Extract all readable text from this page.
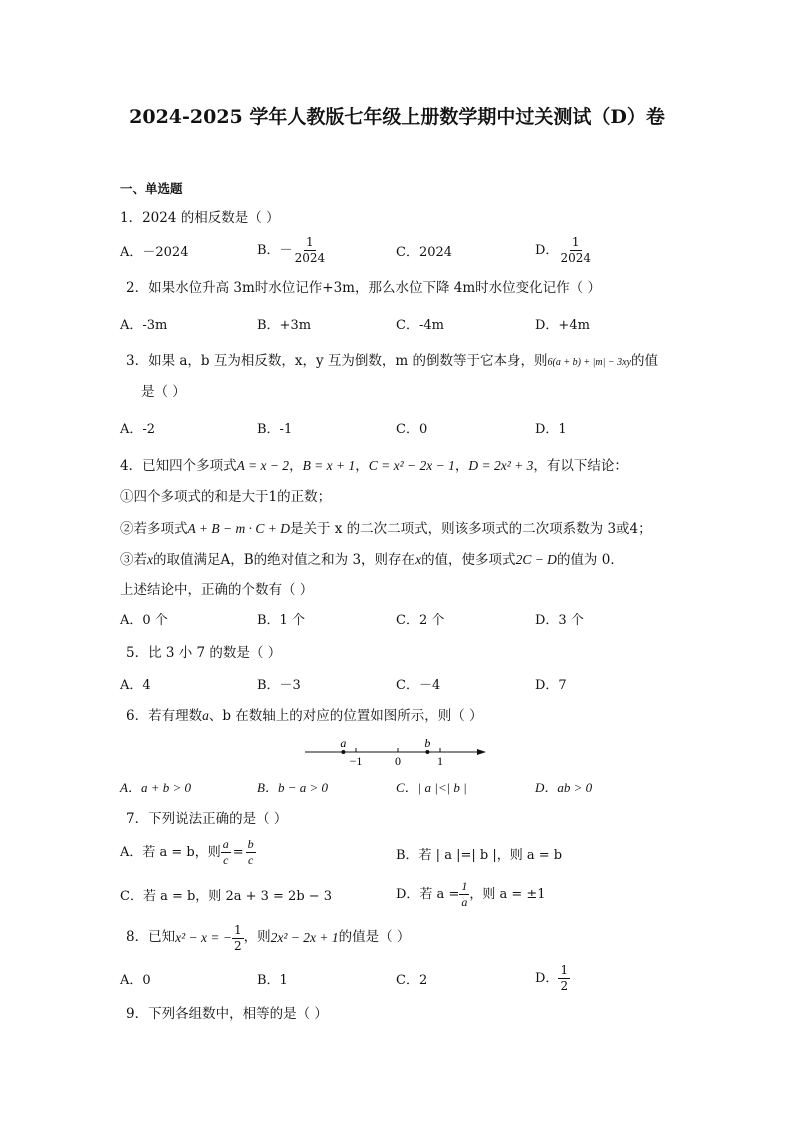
2024-2025 学年人教版七年级上册数学期中过关测试（D）卷
一、单选题
1．2024 的相反数是（ ）
A．－2024	B．－ $\frac{1}{2024}$	C．2024	D． $\frac{1}{2024}$
2．如果水位升高 3m时水位记作+3m，那么水位下降 4m时水位变化记作（ ）
A．-3m	B．+3m	C．-4m	D．+4m
3．如果 a，b 互为相反数，x，y 互为倒数，m 的倒数等于它本身，则6(a + b) + |m| − 3xy的值
是（ ）
A．-2	B．-1	C．0	D．1
4．已知四个多项式A = x − 2，B = x + 1，C = x² − 2x − 1，D = 2x² + 3，有以下结论：
①四个多项式的和是大于1的正数；
②若多项式A + B − m · C + D是关于 x 的二次二项式，则该多项式的二次项系数为 3或4；
③若x的取值满足A，B的绝对值之和为 3，则存在x的值，使多项式2C − D的值为 0．
上述结论中，正确的个数有（ ）
A．0 个	B．1 个	C．2 个	D．3 个
5．比 3 小 7 的数是（ ）
A．4	B．－3	C．－4	D．7
6．若有理数a、b 在数轴上的对应的位置如图所示，则（ ）
a	b
−1	0	1
A．a + b > 0	B．b − a > 0	C．| a |<| b |	D．ab > 0
7．下列说法正确的是（ ）
A．若 a = b，则 $\frac{a}{c} = \frac{b}{c}$	B．若 | a |=| b |，则 a = b
C．若 a = b，则 2a + 3 = 2b − 3	D．若 $a = \frac{1}{a}$ ，则 a = ±1
8．已知 x² − x = − $\frac{1}{2}$ ，则 2x² − 2x + 1 的值是（ ）
A．0	B．1	C．2	D． $\frac{1}{2}$
9．下列各组数中，相等的是（ ）
